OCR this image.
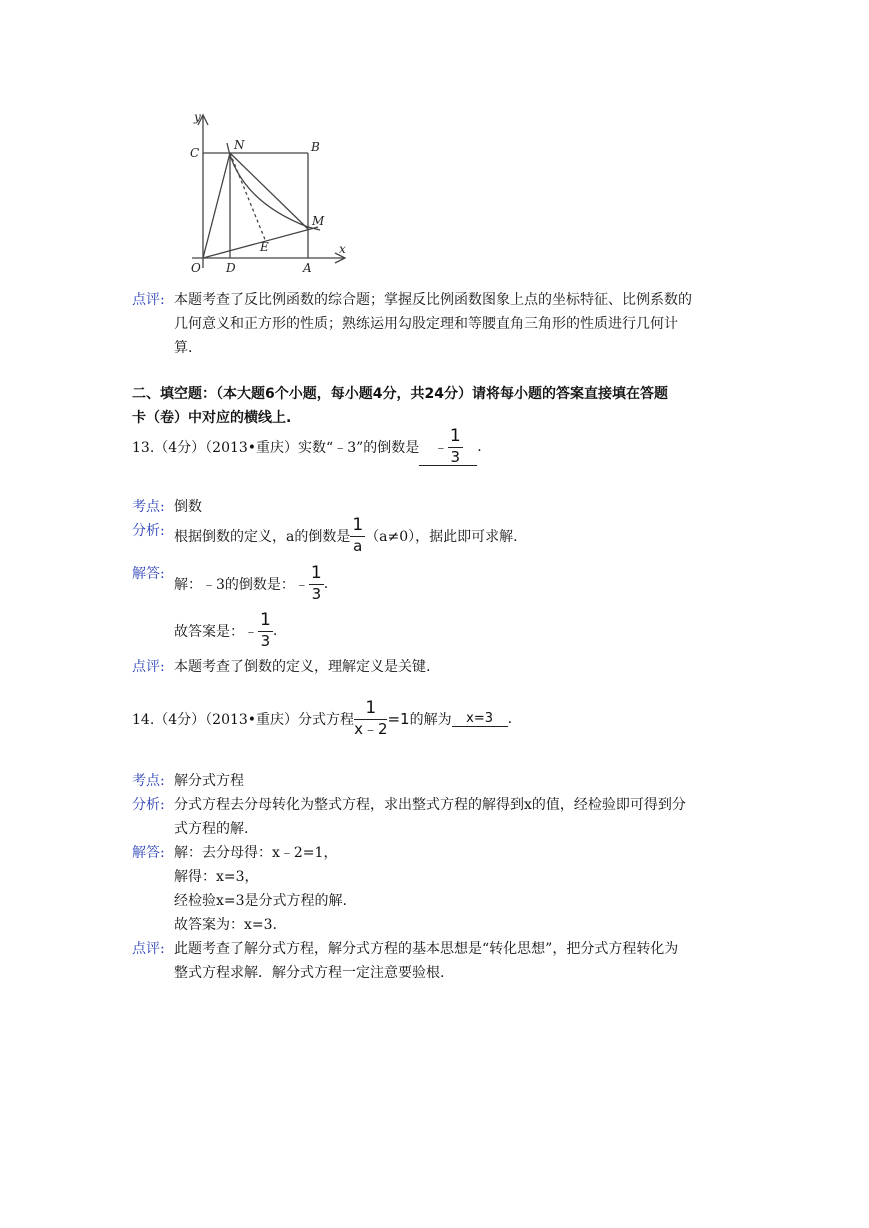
y
x
C
N	B
M
E
O D	A
点评: 本题考查了反比例函数的综合题；掌握反比例函数图象上点的坐标特征、比例系数的
几何意义和正方形的性质；熟练运用勾股定理和等腰直角三角形的性质进行几何计
算.
二、填空题：（本大题6个小题，每小题4分，共24分）请将每小题的答案直接填在答题
卡（卷）中对应的横线上.
13.（4分）（2013•重庆）实数“﹣3”的倒数是 ﹣ $\frac{1}{3}$ .
考点: 倒数
分析: 根据倒数的定义，a的倒数是 $\frac{1}{a} (a\ne 0)$，据此即可求解.
解答:
解：﹣3的倒数是：﹣ $\frac{1}{3}$ .
故答案是：﹣ $\frac{1}{3}$ .
点评: 本题考查了倒数的定义，理解定义是关键.
14.（4分）（2013•重庆）分式方程 $\frac{1}{x﹣2} =1$的解为 x=3 .
考点: 解分式方程
分析: 分式方程去分母转化为整式方程，求出整式方程的解得到x的值，经检验即可得到分
式方程的解.
解答: 解：去分母得：x﹣2=1，
解得：x=3，
经检验x=3是分式方程的解.
故答案为：x=3.
点评: 此题考查了解分式方程，解分式方程的基本思想是“转化思想”，把分式方程转化为
整式方程求解．解分式方程一定注意要验根.
